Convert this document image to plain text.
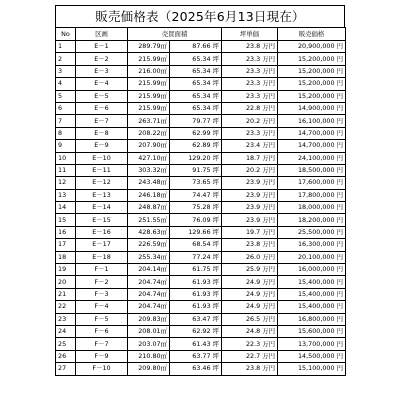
販売価格表（2025年6月13日現在）
No	区画	売買面積		坪単価	販売価格
1	E－1	289.79㎡	87.66 坪	23.8 万円	20,900,000 円
2	E－2	215.99㎡	65.34 坪	23.3 万円	15,200,000 円
3	E－3	216.00㎡	65.34 坪	23.3 万円	15,200,000 円
4	E－4	215.99㎡	65.34 坪	23.3 万円	15,200,000 円
5	E－5	215.99㎡	65.34 坪	23.3 万円	15,200,000 円
6	E－6	215.99㎡	65.34 坪	22.8 万円	14,900,000 円
7	E－7	263.71㎡	79.77 坪	20.2 万円	16,100,000 円
8	E－8	208.22㎡	62.99 坪	23.3 万円	14,700,000 円
9	E－9	207.90㎡	62.89 坪	23.4 万円	14,700,000 円
10	E－10	427.10㎡	129.20 坪	18.7 万円	24,100,000 円
11	E－11	303.32㎡	91.75 坪	20.2 万円	18,500,000 円
12	E－12	243.48㎡	73.65 坪	23.9 万円	17,600,000 円
13	E－13	246.18㎡	74.47 坪	23.9 万円	17,800,000 円
14	E－14	248.87㎡	75.28 坪	23.9 万円	18,000,000 円
15	E－15	251.55㎡	76.09 坪	23.9 万円	18,200,000 円
16	E－16	428.63㎡	129.66 坪	19.7 万円	25,500,000 円
17	E－17	226.59㎡	68.54 坪	23.8 万円	16,300,000 円
18	E－18	255.34㎡	77.24 坪	26.0 万円	20,100,000 円
19	F－1	204.14㎡	61.75 坪	25.9 万円	16,000,000 円
20	F－2	204.74㎡	61.93 坪	24.9 万円	15,400,000 円
21	F－3	204.74㎡	61.93 坪	24.9 万円	15,400,000 円
22	F－4	204.74㎡	61.93 坪	24.9 万円	15,400,000 円
23	F－5	209.83㎡	63.47 坪	26.5 万円	16,800,000 円
24	F－6	208.01㎡	62.92 坪	24.8 万円	15,600,000 円
25	F－7	203.07㎡	61.43 坪	22.3 万円	13,700,000 円
26	F－9	210.80㎡	63.77 坪	22.7 万円	14,500,000 円
27	F－10	209.80㎡	63.46 坪	23.8 万円	15,100,000 円
